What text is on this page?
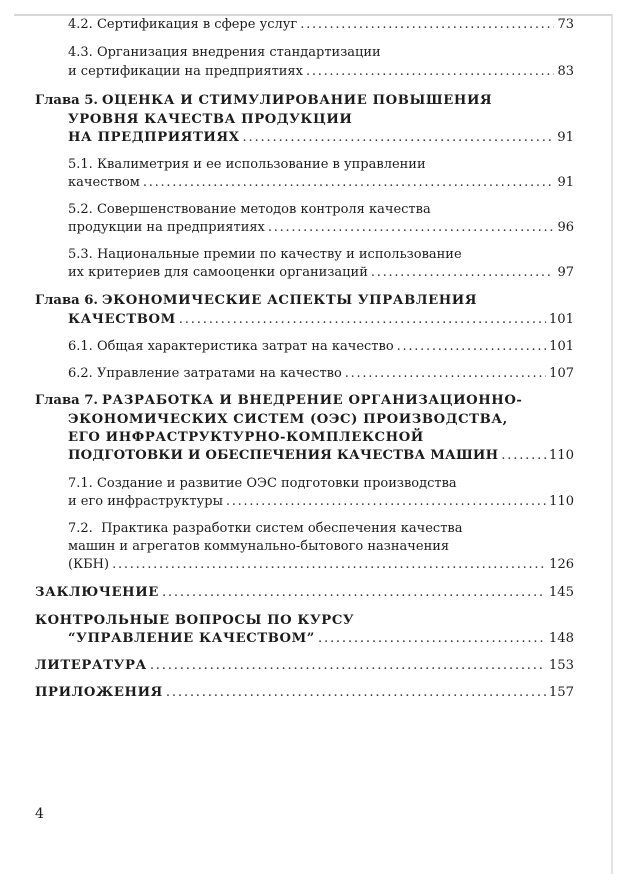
4.2. Сертификация в сфере услуг . . .	73
4.3. Организация внедрения стандартизации
и сертификации на предприятиях . . .	83
Глава 5. ОЦЕНКА И СТИМУЛИРОВАНИЕ ПОВЫШЕНИЯ
УРОВНЯ КАЧЕСТВА ПРОДУКЦИИ
НА ПРЕДПРИЯТИЯХ . . .	91
5.1. Квалиметрия и ее использование в управлении
качеством . . .	91
5.2. Совершенствование методов контроля качества
продукции на предприятиях . . .	96
5.3. Национальные премии по качеству и использование
их критериев для самооценки организаций . . .	97
Глава 6. ЭКОНОМИЧЕСКИЕ АСПЕКТЫ УПРАВЛЕНИЯ
КАЧЕСТВОМ . . .	101
6.1. Общая характеристика затрат на качество . . .	101
6.2. Управление затратами на качество . . .	107
Глава 7. РАЗРАБОТКА И ВНЕДРЕНИЕ ОРГАНИЗАЦИОННО-
ЭКОНОМИЧЕСКИХ СИСТЕМ (ОЭС) ПРОИЗВОДСТВА,
ЕГО ИНФРАСТРУКТУРНО-КОМПЛЕКСНОЙ
ПОДГОТОВКИ И ОБЕСПЕЧЕНИЯ КАЧЕСТВА МАШИН . . .	110
7.1. Создание и развитие ОЭС подготовки производства
и его инфраструктуры . . .	110
7.2.  Практика разработки систем обеспечения качества
машин и агрегатов коммунально-бытового назначения
(КБН) . . .	126
ЗАКЛЮЧЕНИЕ . . .	145
КОНТРОЛЬНЫЕ ВОПРОСЫ ПО КУРСУ
“УПРАВЛЕНИЕ КАЧЕСТВОМ” . . .	148
ЛИТЕРАТУРА . . .	153
ПРИЛОЖЕНИЯ . . .	157
4
